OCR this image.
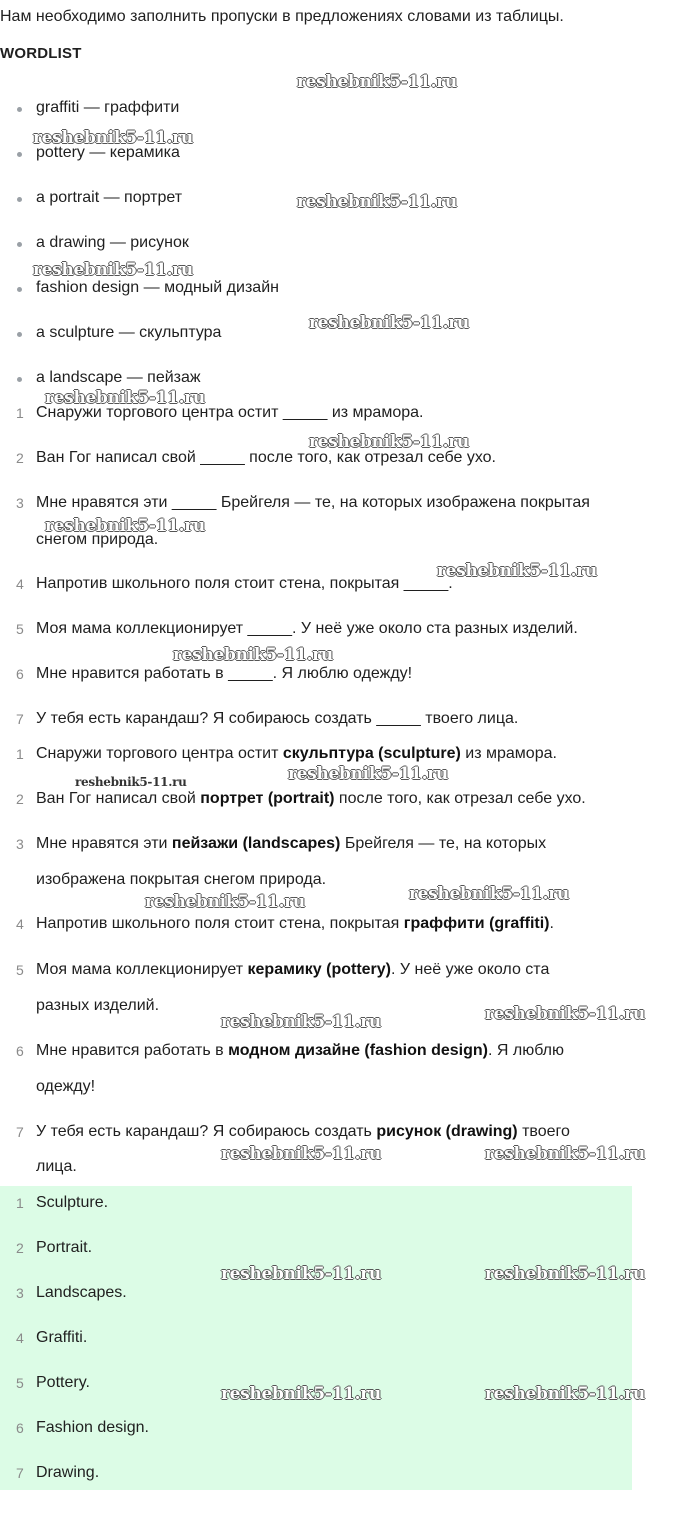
Нам необходимо заполнить пропуски в предложениях словами из таблицы.
WORDLIST
graffiti — граффити
pottery — керамика
a portrait — портрет
a drawing — рисунок
fashion design — модный дизайн
a sculpture — скульптура
a landscape — пейзаж
1 Снаружи торгового центра остит _____ из мрамора.
2 Ван Гог написал свой _____ после того, как отрезал себе ухо.
3 Мне нравятся эти _____ Брейгеля — те, на которых изображена покрытая
снегом природа.
4 Напротив школьного поля стоит стена, покрытая _____.
5 Моя мама коллекционирует _____. У неё уже около ста разных изделий.
6 Мне нравится работать в _____. Я люблю одежду!
7 У тебя есть карандаш? Я собираюсь создать _____ твоего лица.
1 Снаружи торгового центра остит скульптура (sculpture) из мрамора.
2 Ван Гог написал свой портрет (portrait) после того, как отрезал себе ухо.
3 Мне нравятся эти пейзажи (landscapes) Брейгеля — те, на которых
изображена покрытая снегом природа.
4 Напротив школьного поля стоит стена, покрытая граффити (graffiti).
5 Моя мама коллекционирует керамику (pottery). У неё уже около ста
разных изделий.
6 Мне нравится работать в модном дизайне (fashion design). Я люблю
одежду!
7 У тебя есть карандаш? Я собираюсь создать рисунок (drawing) твоего
лица.
1 Sculpture.
2 Portrait.
3 Landscapes.
4 Graffiti.
5 Pottery.
6 Fashion design.
7 Drawing.
reshebnik5-11.ru
reshebnik5-11.ru
reshebnik5-11.ru
reshebnik5-11.ru
reshebnik5-11.ru
reshebnik5-11.ru
reshebnik5-11.ru
reshebnik5-11.ru
reshebnik5-11.ru
reshebnik5-11.ru
reshebnik5-11.ru	reshebnik5-11.ru
reshebnik5-11.ru
reshebnik5-11.ru
reshebnik5-11.ru
reshebnik5-11.ru
reshebnik5-11.ru	reshebnik5-11.ru
reshebnik5-11.ru	reshebnik5-11.ru
reshebnik5-11.ru	reshebnik5-11.ru
